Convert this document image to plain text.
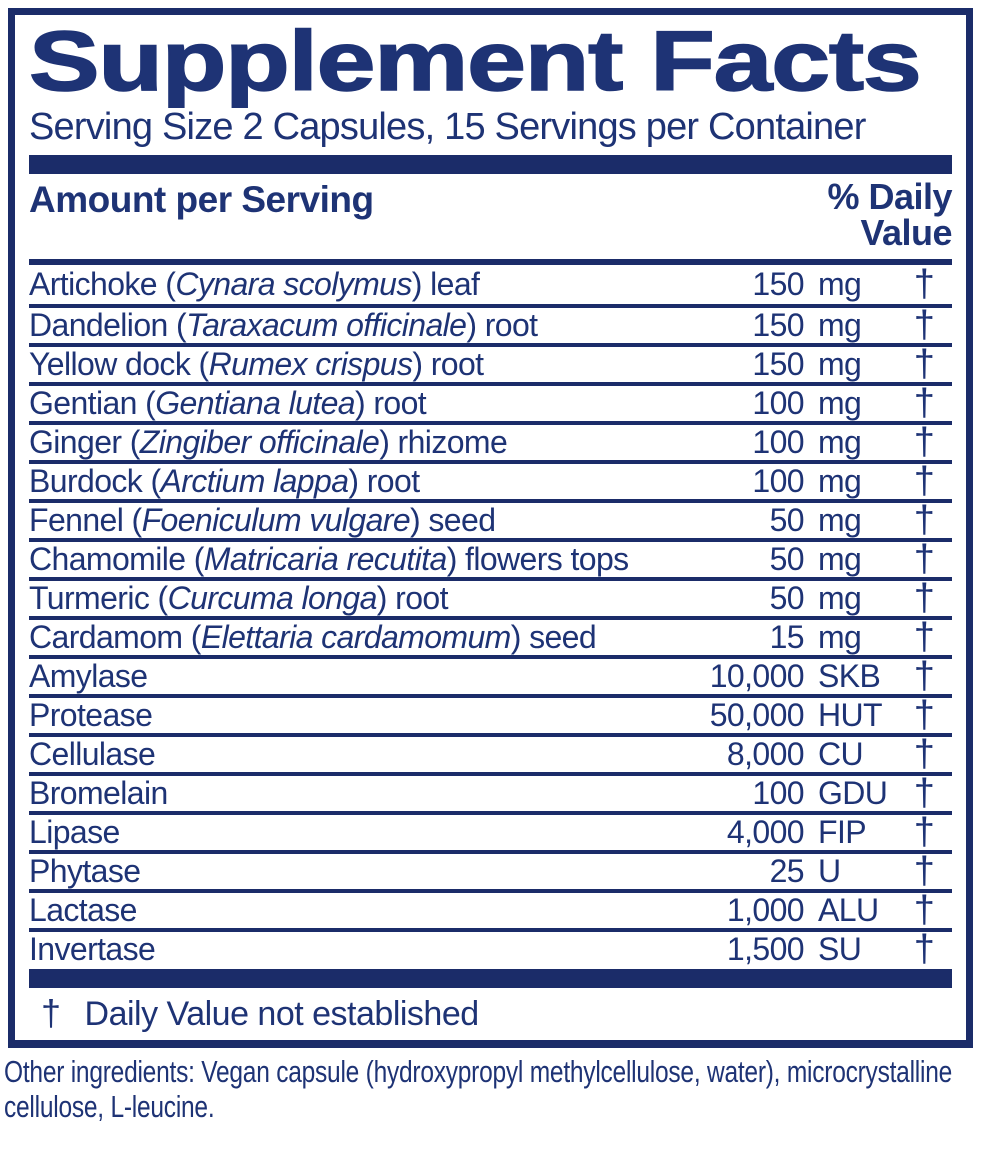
Supplement Facts
Serving Size 2 Capsules, 15 Servings per Container
Amount per Serving	% Daily
Value
Artichoke (Cynara scolymus) leaf	150 mg	†
Dandelion (Taraxacum officinale) root	150 mg	†
Yellow dock (Rumex crispus) root	150 mg	†
Gentian (Gentiana lutea) root	100 mg	†
Ginger (Zingiber officinale) rhizome	100 mg	†
Burdock (Arctium lappa) root	100 mg	†
Fennel (Foeniculum vulgare) seed	50 mg	†
Chamomile (Matricaria recutita) flowers tops	50 mg	†
Turmeric (Curcuma longa) root	50 mg	†
Cardamom (Elettaria cardamomum) seed	15 mg	†
Amylase	10,000 SKB †
Protease	50,000 HUT †
Cellulase	8,000 CU	†
Bromelain	100 GDU †
Lipase	4,000 FIP	†
Phytase	25 U	†
Lactase	1,000 ALU †
Invertase	1,500 SU	†
† Daily Value not established
Other ingredients: Vegan capsule (hydroxypropyl methylcellulose, water), microcrystalline cellulose, L-leucine.
